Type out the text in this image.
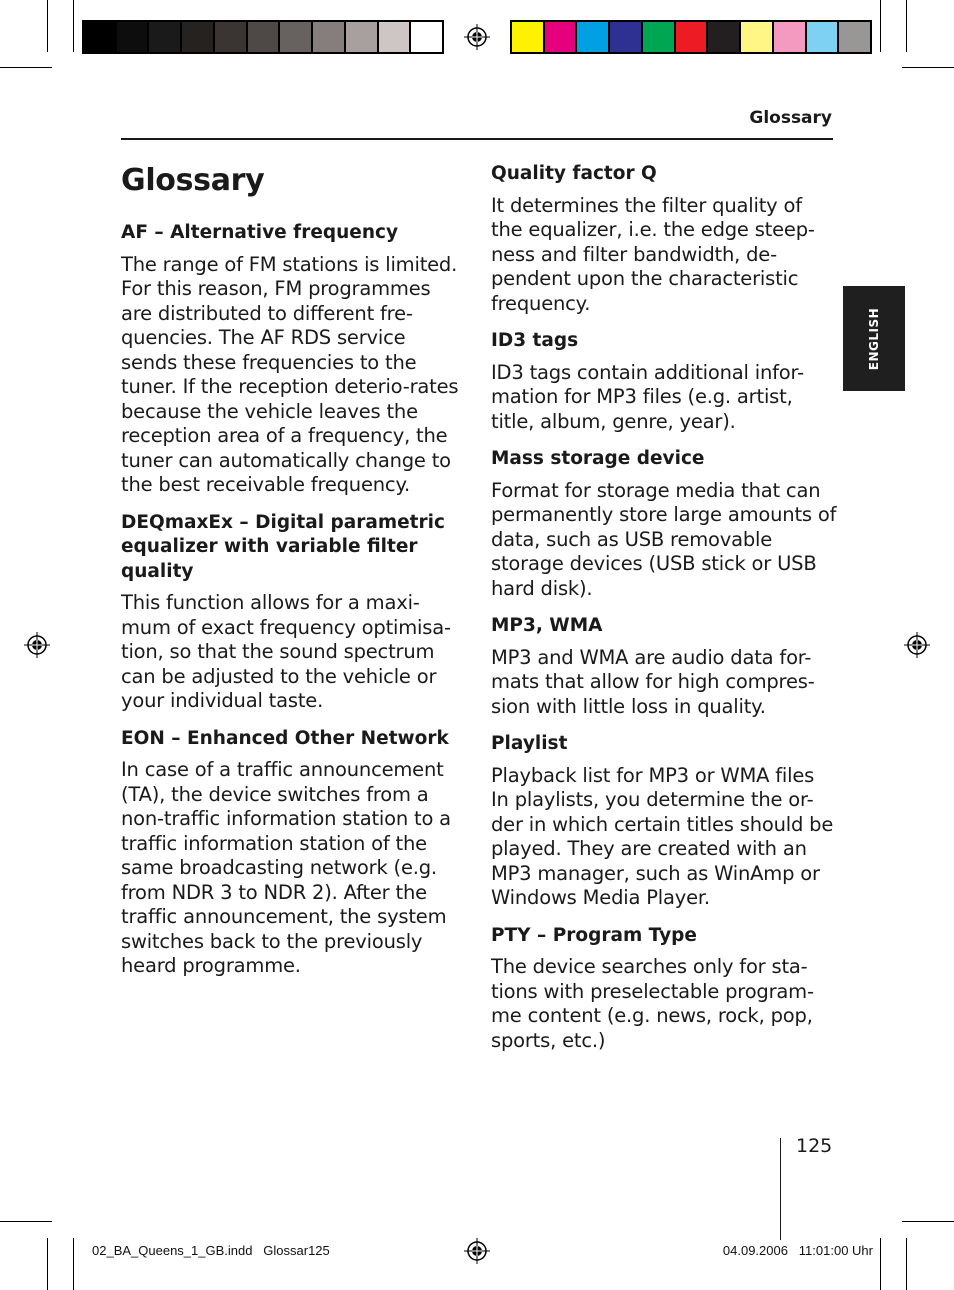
Glossary
ENGLISH
Glossary
AF – Alternative frequency
The range of FM stations is limited. For this reason, FM programmes are distributed to different fre-quencies. The AF RDS service sends these frequencies to the tuner. If the reception deterio-rates because the vehicle leaves the reception area of a frequency, the tuner can automatically change to the best receivable frequency.
DEQmaxEx – Digital parametric equalizer with variable filter quality
This function allows for a maxi-mum of exact frequency optimisa-tion, so that the sound spectrum can be adjusted to the vehicle or your individual taste.
EON – Enhanced Other Network
In case of a traffic announcement (TA), the device switches from a non-traffic information station to a traffic information station of the same broadcasting network (e.g. from NDR 3 to NDR 2). After the traffic announcement, the system switches back to the previously heard programme.
Quality factor Q
It determines the filter quality of the equalizer, i.e. the edge steep-ness and filter bandwidth, de-pendent upon the characteristic frequency.
ID3 tags
ID3 tags contain additional infor-mation for MP3 files (e.g. artist, title, album, genre, year).
Mass storage device
Format for storage media that can permanently store large amounts of data, such as USB removable storage devices (USB stick or USB hard disk).
MP3, WMA
MP3 and WMA are audio data for-mats that allow for high compres-sion with little loss in quality.
Playlist
Playback list for MP3 or WMA files In playlists, you determine the or-der in which certain titles should be played. They are created with an MP3 manager, such as WinAmp or Windows Media Player.
PTY – Program Type
The device searches only for sta-tions with preselectable program-me content (e.g. news, rock, pop, sports, etc.)
125
02_BA_Queens_1_GB.indd   Glossar125	04.09.2006   11:01:00 Uhr
